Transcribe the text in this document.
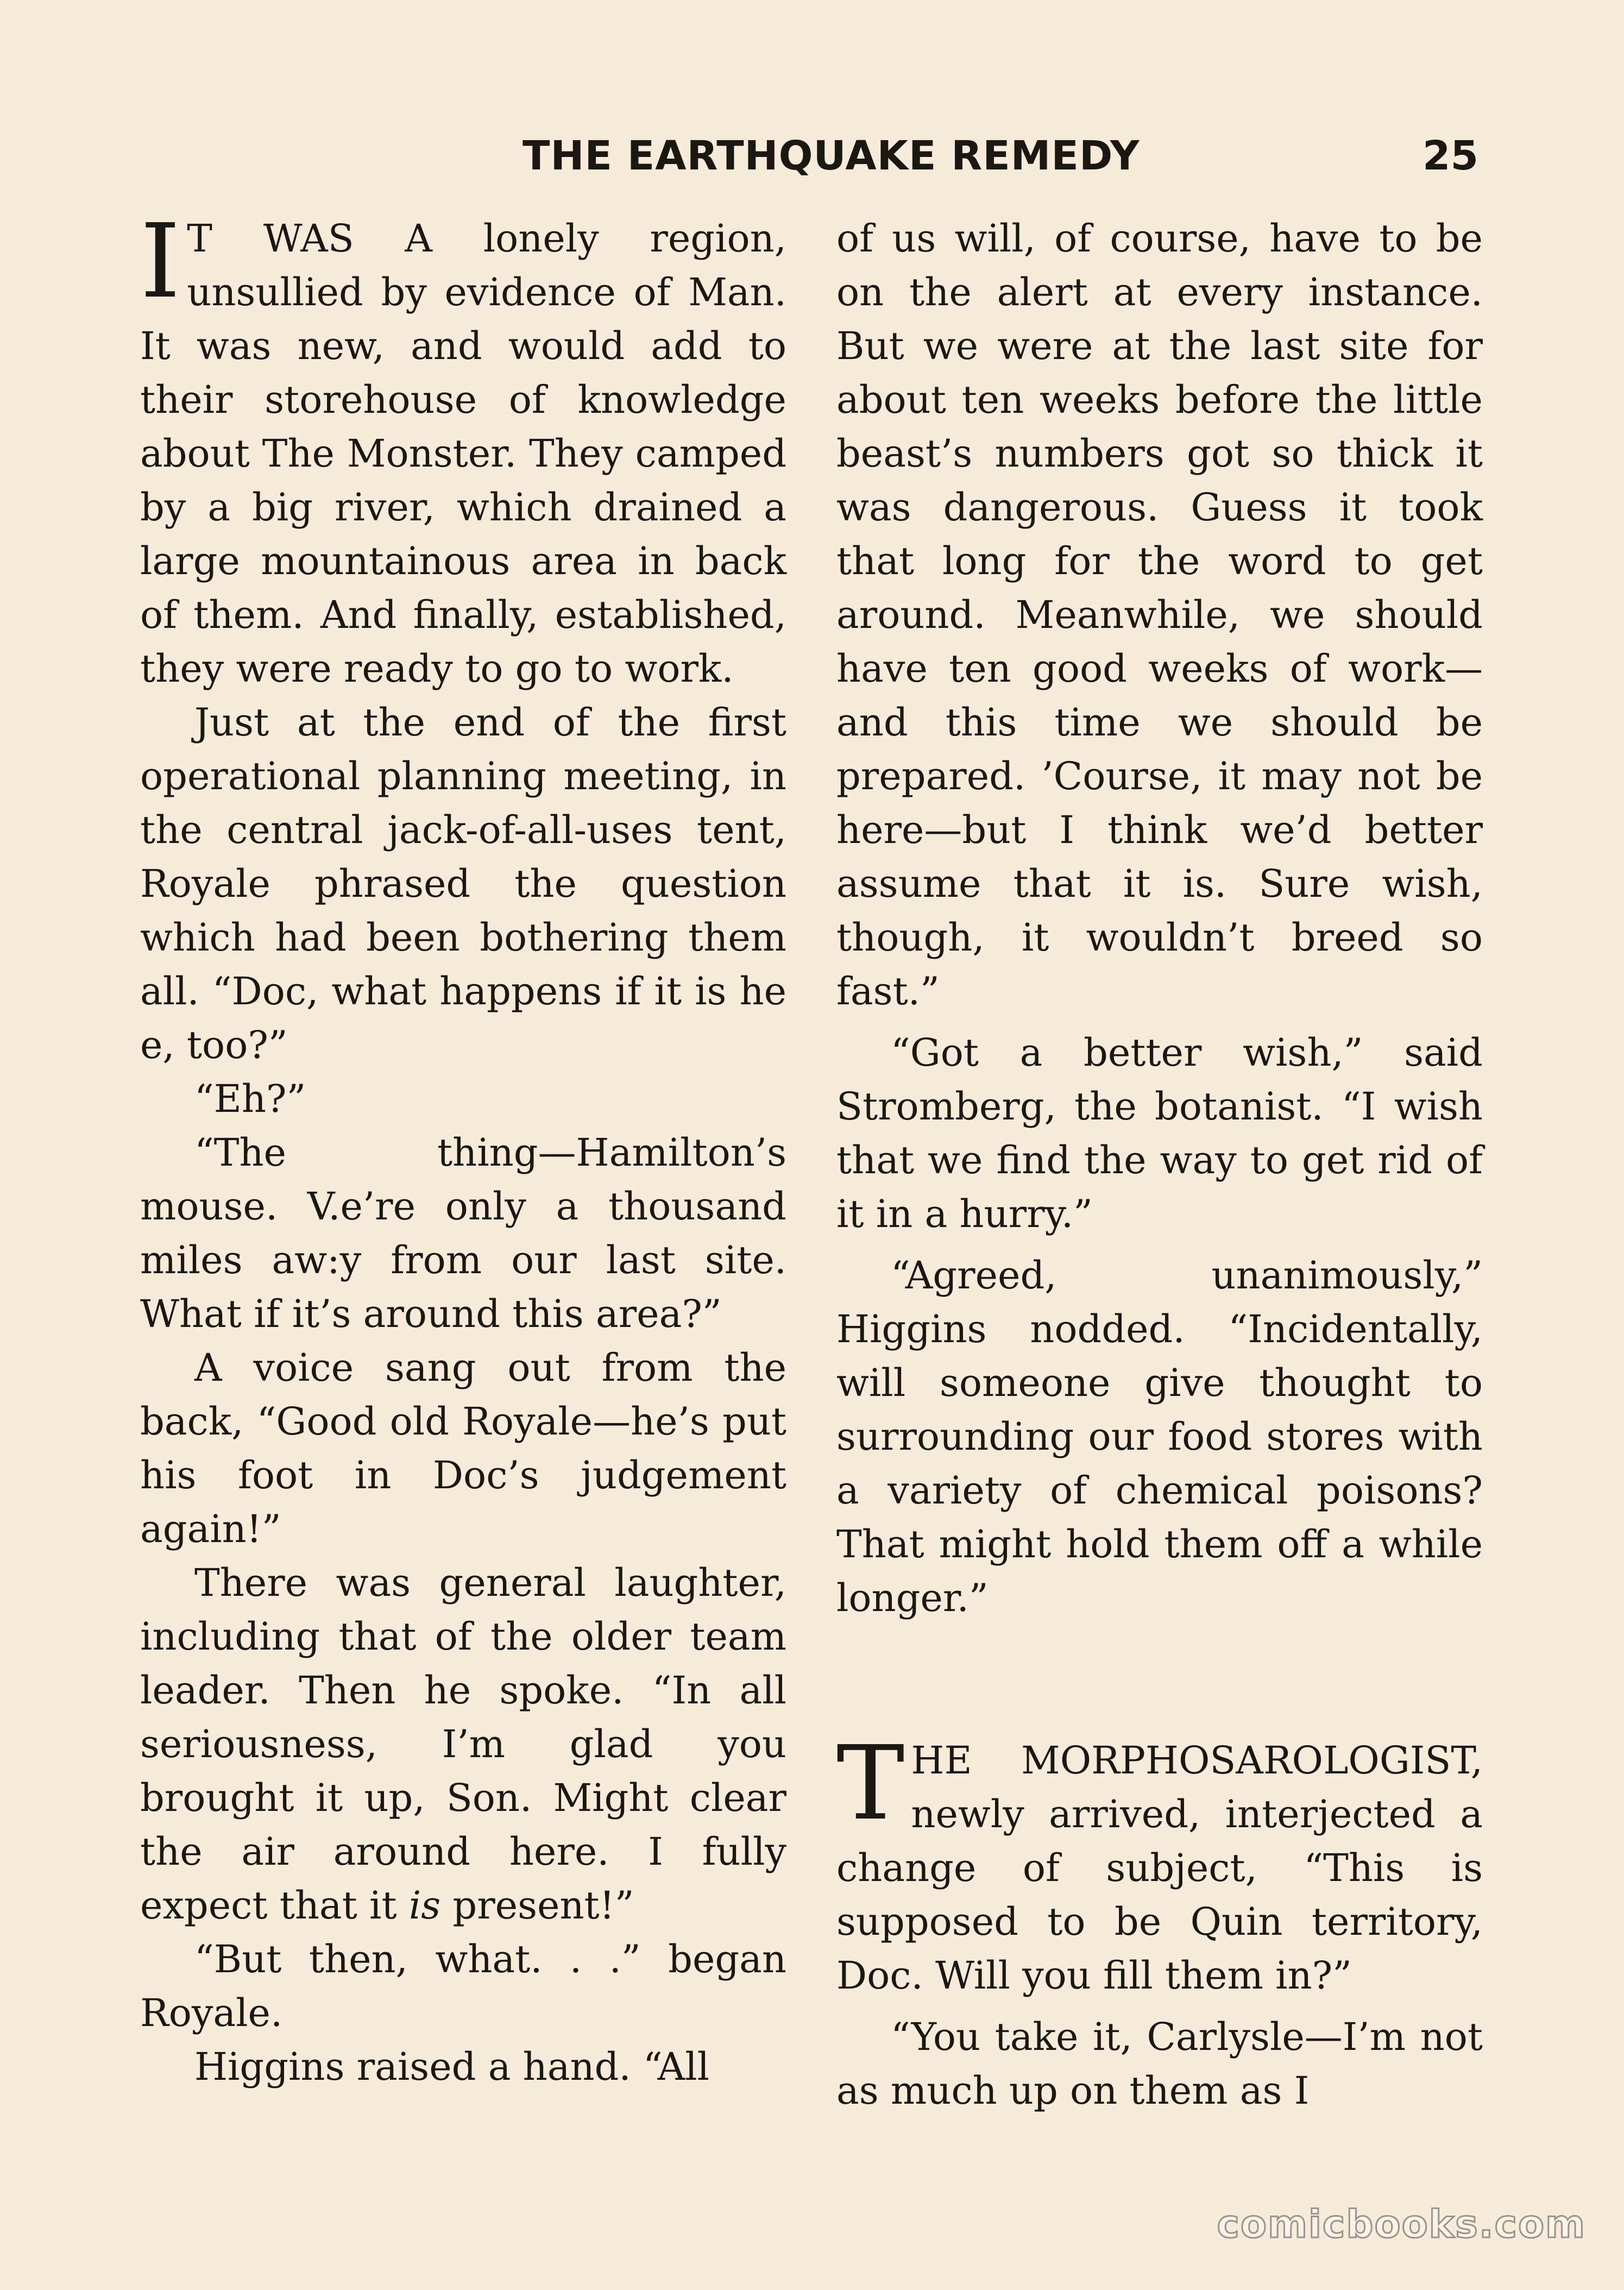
THE EARTHQUAKE REMEDY	25

I T WAS A lonely region, unsullied by evidence of Man. It was new, and would add to their storehouse of knowledge about The Monster. They camped by a big river, which drained a large mountainous area in back of them. And finally, established, they were ready to go to work.

Just at the end of the first operational planning meeting, in the central jack-of-all-uses tent, Royale phrased the question which had been bothering them all. “Doc, what happens if it is he e, too?”

“Eh?”

“The thing—Hamilton’s mouse. V.e’re only a thousand miles aw:y from our last site. What if it’s around this area?”

A voice sang out from the back, “Good old Royale—he’s put his foot in Doc’s judgement again!”

There was general laughter, including that of the older team leader. Then he spoke. “In all seriousness, I’m glad you brought it up, Son. Might clear the air around here. I fully expect that it is present!”

“But then, what. . .” began Royale.

Higgins raised a hand. “All

of us will, of course, have to be on the alert at every instance. But we were at the last site for about ten weeks before the little beast’s numbers got so thick it was dangerous. Guess it took that long for the word to get around. Meanwhile, we should have ten good weeks of work—and this time we should be prepared. ’Course, it may not be here—but I think we’d better assume that it is. Sure wish, though, it wouldn’t breed so fast.”

“Got a better wish,” said Stromberg, the botanist. “I wish that we find the way to get rid of it in a hurry.”

“Agreed, unanimously,” Higgins nodded. “Incidentally, will someone give thought to surrounding our food stores with a variety of chemical poisons? That might hold them off a while longer.”

THE MORPHOSAROLOGIST, newly arrived, interjected a change of subject, “This is supposed to be Quin territory, Doc. Will you fill them in?”

“You take it, Carlysle—I’m not as much up on them as I

comicbooks.com
